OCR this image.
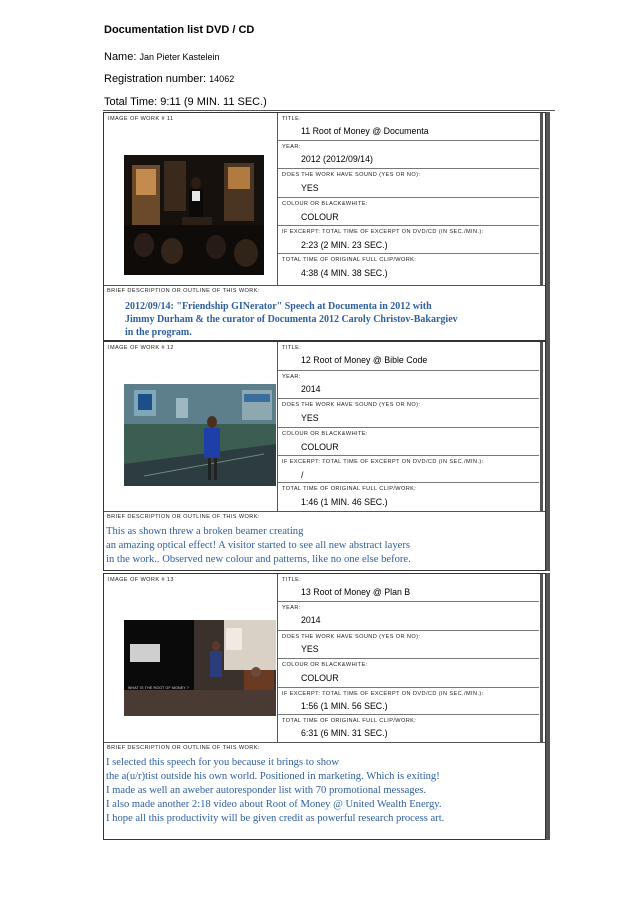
Documentation list DVD / CD
Name: Jan Pieter Kastelein
Registration number: 14062
Total Time: 9:11 (9 MIN. 11 SEC.)
IMAGE OF WORK # 11	TITLE:
11 Root of Money @ Documenta
YEAR:
2012 (2012/09/14)
DOES THE WORK HAVE SOUND (YES OR NO):
YES
COLOUR OR BLACK&WHITE:
COLOUR
IF EXCERPT: TOTAL TIME OF EXCERPT ON DVD/CD (IN SEC./MIN.):
2:23 (2 MIN. 23 SEC.)
TOTAL TIME OF ORIGINAL FULL CLIP/WORK:
4:38 (4 MIN. 38 SEC.)
BRIEF DESCRIPTION OR OUTLINE OF THIS WORK:
2012/09/14: "Friendship GINerator" Speech at Documenta in 2012 with
Jimmy Durham & the curator of Documenta 2012 Caroly Christov-Bakargiev
in the program.
IMAGE OF WORK # 12	TITLE:
12 Root of Money @ Bible Code
YEAR:
2014
DOES THE WORK HAVE SOUND (YES OR NO):
YES
COLOUR OR BLACK&WHITE:
COLOUR
IF EXCERPT: TOTAL TIME OF EXCERPT ON DVD/CD (IN SEC./MIN.):
/
TOTAL TIME OF ORIGINAL FULL CLIP/WORK:
1:46 (1 MIN. 46 SEC.)
BRIEF DESCRIPTION OR OUTLINE OF THIS WORK:
This as shown threw a broken beamer creating
an amazing optical effect! A visitor started to see all new abstract layers
in the work.. Observed new colour and patterns, like no one else before.
IMAGE OF WORK # 13
WHAT IS THE ROOT OF MONEY ?
TITLE:
13 Root of Money @ Plan B
YEAR:
2014
DOES THE WORK HAVE SOUND (YES OR NO):
YES
COLOUR OR BLACK&WHITE:
COLOUR
IF EXCERPT: TOTAL TIME OF EXCERPT ON DVD/CD (IN SEC./MIN.):
1:56 (1 MIN. 56 SEC.)
TOTAL TIME OF ORIGINAL FULL CLIP/WORK:
6:31 (6 MIN. 31 SEC.)
BRIEF DESCRIPTION OR OUTLINE OF THIS WORK:
I selected this speech for you because it brings to show
the a(u/r)tist outside his own world. Positioned in marketing. Which is exiting!
I made as well an aweber autoresponder list with 70 promotional messages.
I also made another 2:18 video about Root of Money @ United Wealth Energy.
I hope all this productivity will be given credit as powerful research process art.
